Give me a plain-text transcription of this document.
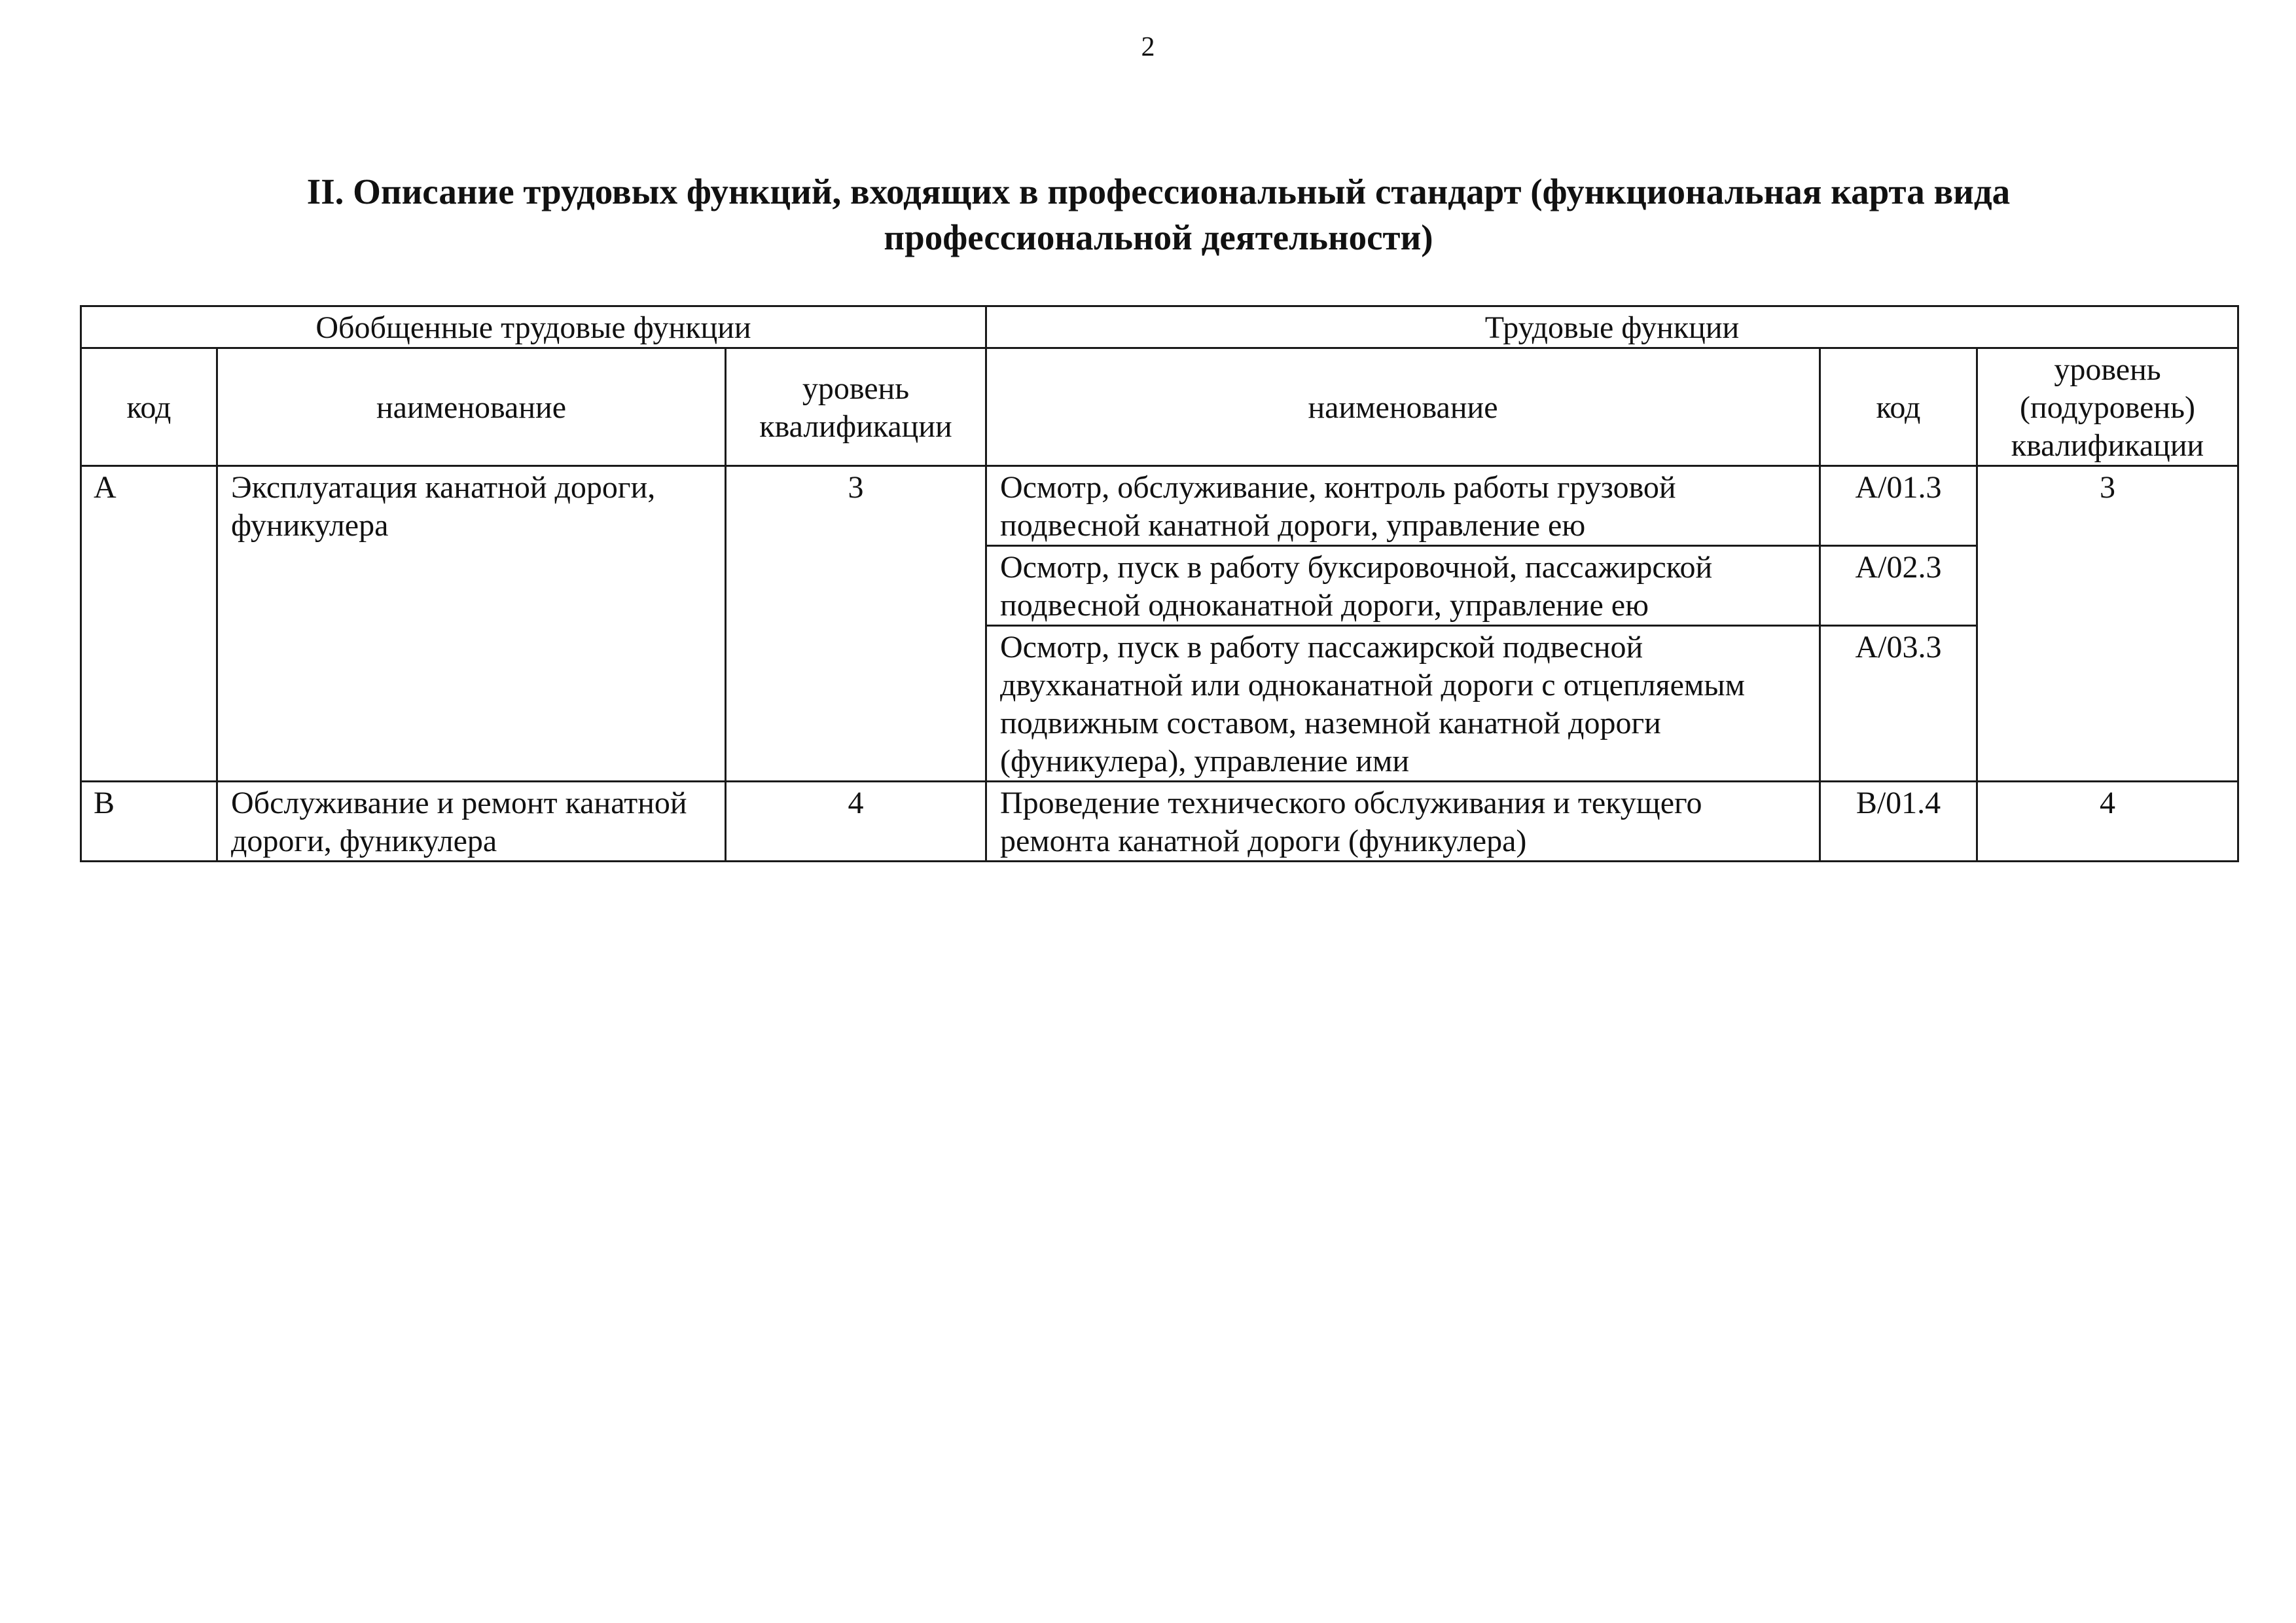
2
II. Описание трудовых функций, входящих в профессиональный стандарт (функциональная карта вида профессиональной деятельности)
Обобщенные трудовые функции			Трудовые функции		
код	наименование	уровень квалификации	наименование	код	уровень (подуровень) квалификации
A	Эксплуатация канатной дороги, фуникулера	3	Осмотр, обслуживание, контроль работы грузовой подвесной канатной дороги, управление ею	A/01.3	3
			Осмотр, пуск в работу буксировочной, пассажирской подвесной одноканатной дороги, управление ею	A/02.3	
			Осмотр, пуск в работу пассажирской подвесной двухканатной или одноканатной дороги с отцепляемым подвижным составом, наземной канатной дороги (фуникулера), управление ими	A/03.3	
B	Обслуживание и ремонт канатной дороги, фуникулера	4	Проведение технического обслуживания и текущего ремонта канатной дороги (фуникулера)	B/01.4	4
